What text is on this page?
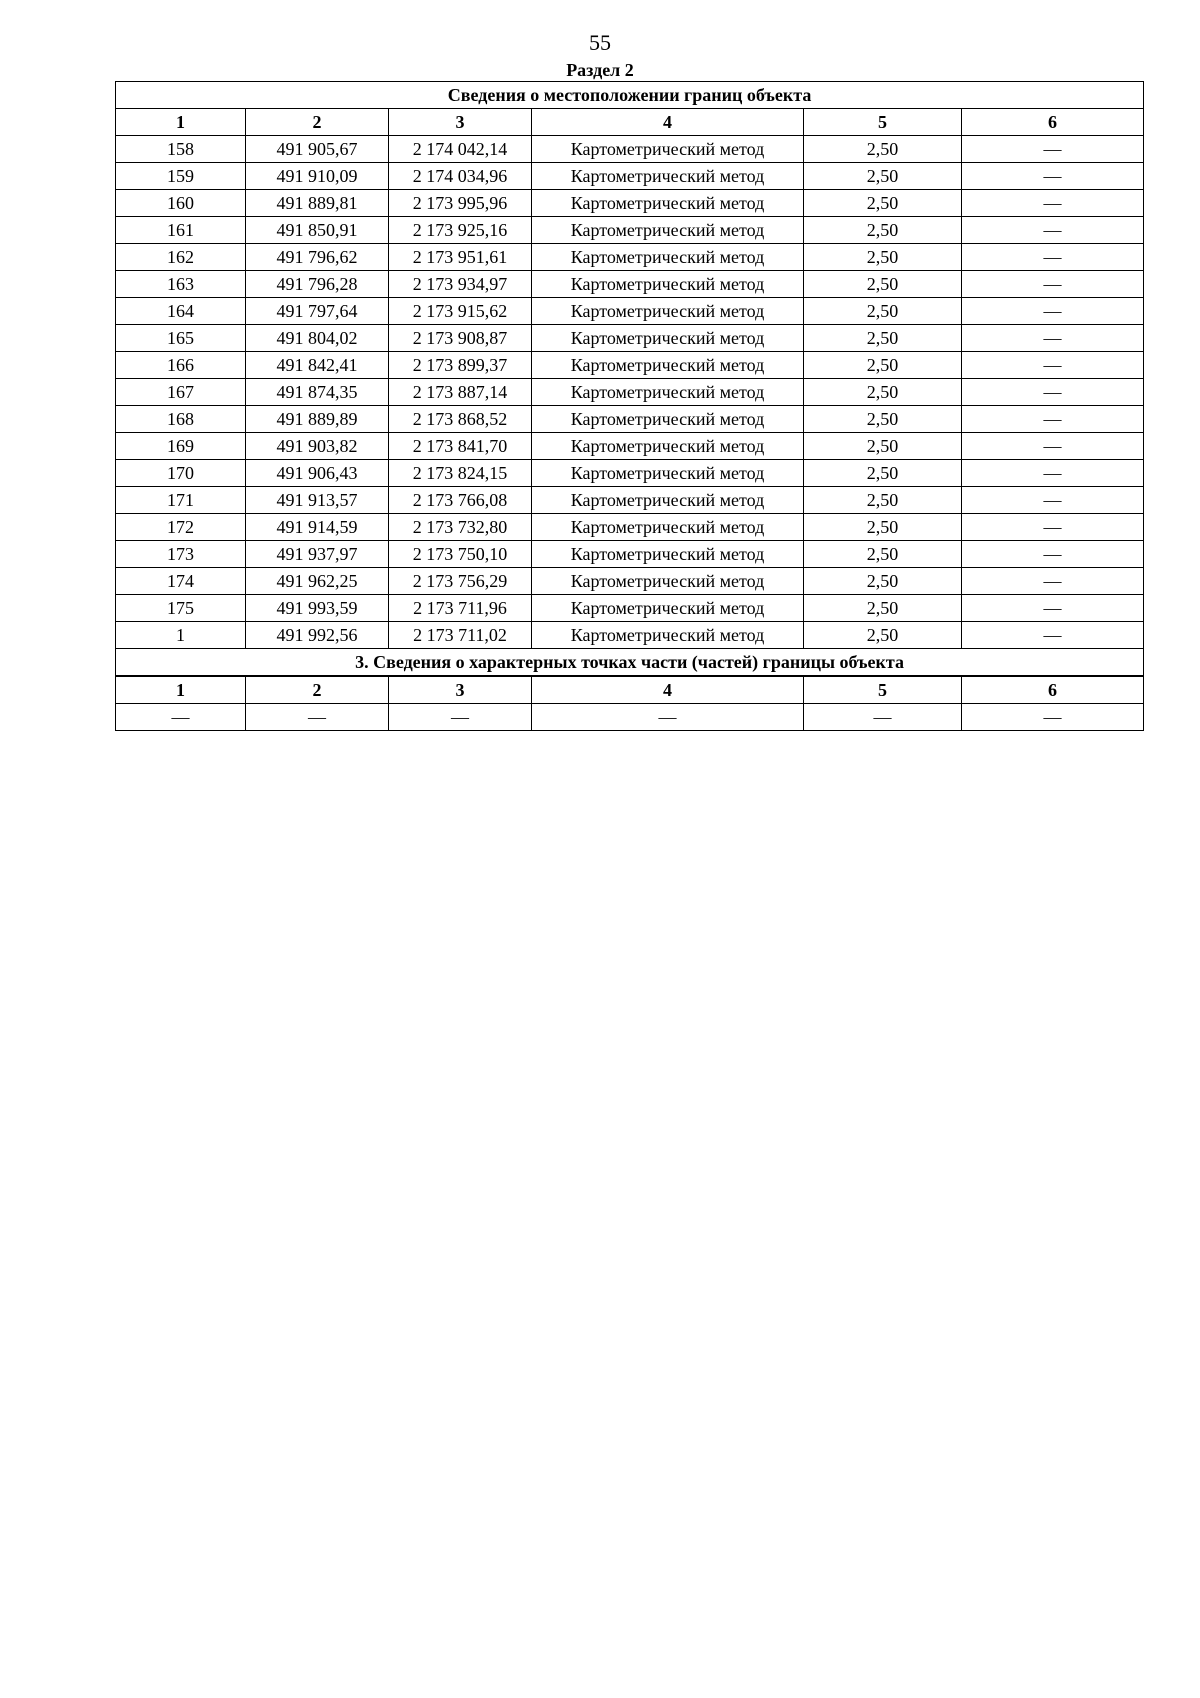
55
Раздел 2
Сведения о местоположении границ объекта					
1	2	3	4	5	6
158	491 905,67	2 174 042,14	Картометрический метод	2,50	—
159	491 910,09	2 174 034,96	Картометрический метод	2,50	—
160	491 889,81	2 173 995,96	Картометрический метод	2,50	—
161	491 850,91	2 173 925,16	Картометрический метод	2,50	—
162	491 796,62	2 173 951,61	Картометрический метод	2,50	—
163	491 796,28	2 173 934,97	Картометрический метод	2,50	—
164	491 797,64	2 173 915,62	Картометрический метод	2,50	—
165	491 804,02	2 173 908,87	Картометрический метод	2,50	—
166	491 842,41	2 173 899,37	Картометрический метод	2,50	—
167	491 874,35	2 173 887,14	Картометрический метод	2,50	—
168	491 889,89	2 173 868,52	Картометрический метод	2,50	—
169	491 903,82	2 173 841,70	Картометрический метод	2,50	—
170	491 906,43	2 173 824,15	Картометрический метод	2,50	—
171	491 913,57	2 173 766,08	Картометрический метод	2,50	—
172	491 914,59	2 173 732,80	Картометрический метод	2,50	—
173	491 937,97	2 173 750,10	Картометрический метод	2,50	—
174	491 962,25	2 173 756,29	Картометрический метод	2,50	—
175	491 993,59	2 173 711,96	Картометрический метод	2,50	—
1	491 992,56	2 173 711,02	Картометрический метод	2,50	—
3. Сведения о характерных точках части (частей) границы объекта					
1	2	3	4	5	6
—	—	—	—	—	—
